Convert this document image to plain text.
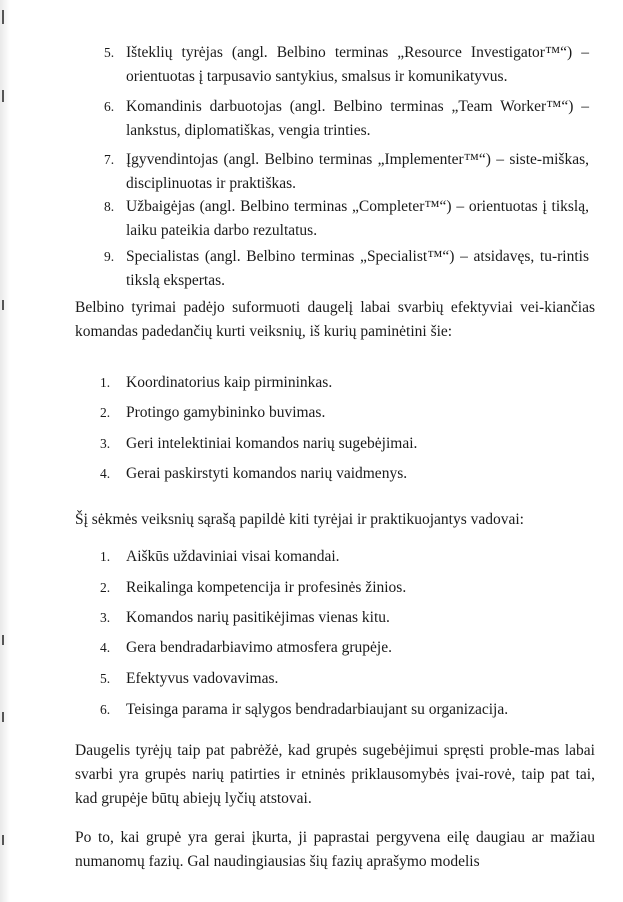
5. Išteklių tyrėjas (angl. Belbino terminas „Resource Investigator™“) – orientuotas į tarpusavio santykius, smalsus ir komunikatyvus.
6. Komandinis darbuotojas (angl. Belbino terminas „Team Worker™“) – lankstus, diplomatiškas, vengia trinties.
7. Įgyvendintojas (angl. Belbino terminas „Implementer™“) – siste-miškas, disciplinuotas ir praktiškas.
8. Užbaigėjas (angl. Belbino terminas „Completer™“) – orientuotas į tikslą, laiku pateikia darbo rezultatus.
9. Specialistas (angl. Belbino terminas „Specialist™“) – atsidavęs, tu-rintis tikslą ekspertas.

Belbino tyrimai padėjo suformuoti daugelį labai svarbių efektyviai vei-kiančias komandas padedančių kurti veiksnių, iš kurių paminėtini šie:

1.	Koordinatorius kaip pirmininkas.
2.	Protingo gamybininko buvimas.
3.	Geri intelektiniai komandos narių sugebėjimai.
4.	Gerai paskirstyti komandos narių vaidmenys.

Šį sėkmės veiksnių sąrašą papildė kiti tyrėjai ir praktikuojantys vadovai:

1.	Aiškūs uždaviniai visai komandai.
2.	Reikalinga kompetencija ir profesinės žinios.
3.	Komandos narių pasitikėjimas vienas kitu.
4.	Gera bendradarbiavimo atmosfera grupėje.
5.	Efektyvus vadovavimas.
6.	Teisinga parama ir sąlygos bendradarbiaujant su organizacija.

Daugelis tyrėjų taip pat pabrėžė, kad grupės sugebėjimui spręsti proble-mas labai svarbi yra grupės narių patirties ir etninės priklausomybės įvai-rovė, taip pat tai, kad grupėje būtų abiejų lyčių atstovai.

Po to, kai grupė yra gerai įkurta, ji paprastai pergyvena eilę daugiau ar mažiau numanomų fazių. Gal naudingiausias šių fazių aprašymo modelis
